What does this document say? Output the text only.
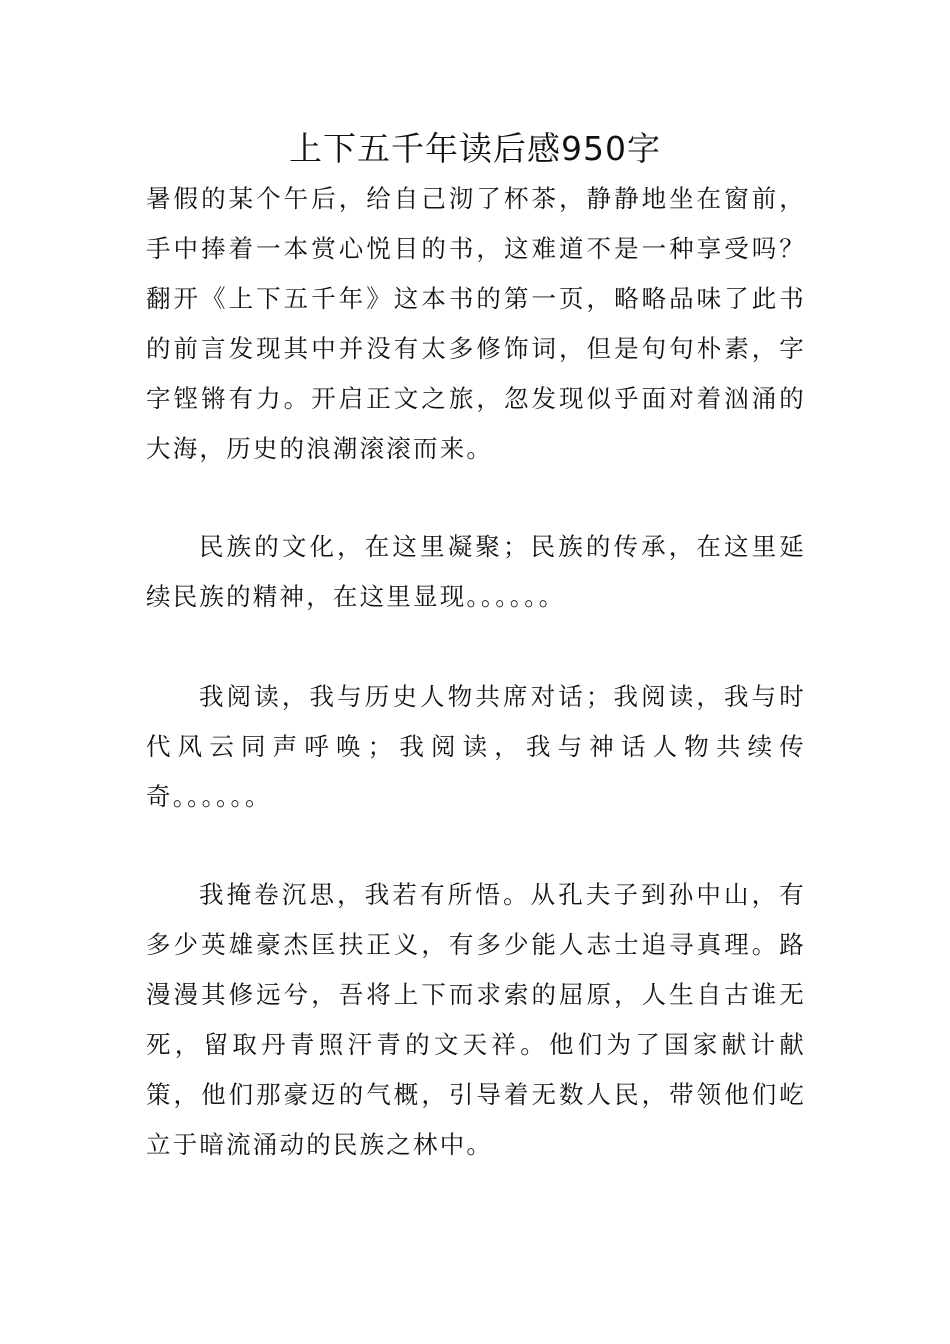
上下五千年读后感950字

暑假的某个午后，给自己沏了杯茶，静静地坐在窗前，手中捧着一本赏心悦目的书，这难道不是一种享受吗？翻开《上下五千年》这本书的第一页，略略品味了此书的前言发现其中并没有太多修饰词，但是句句朴素，字字铿锵有力。开启正文之旅，忽发现似乎面对着汹涌的大海，历史的浪潮滚滚而来。

民族的文化，在这里凝聚；民族的传承，在这里延续民族的精神，在这里显现。。。。。。

我阅读，我与历史人物共席对话；我阅读，我与时代风云同声呼唤；我阅读，我与神话人物共续传奇。。。。。。

我掩卷沉思，我若有所悟。从孔夫子到孙中山，有多少英雄豪杰匡扶正义，有多少能人志士追寻真理。路漫漫其修远兮，吾将上下而求索的屈原，人生自古谁无死，留取丹青照汗青的文天祥。他们为了国家献计献策，他们那豪迈的气概，引导着无数人民，带领他们屹立于暗流涌动的民族之林中。
